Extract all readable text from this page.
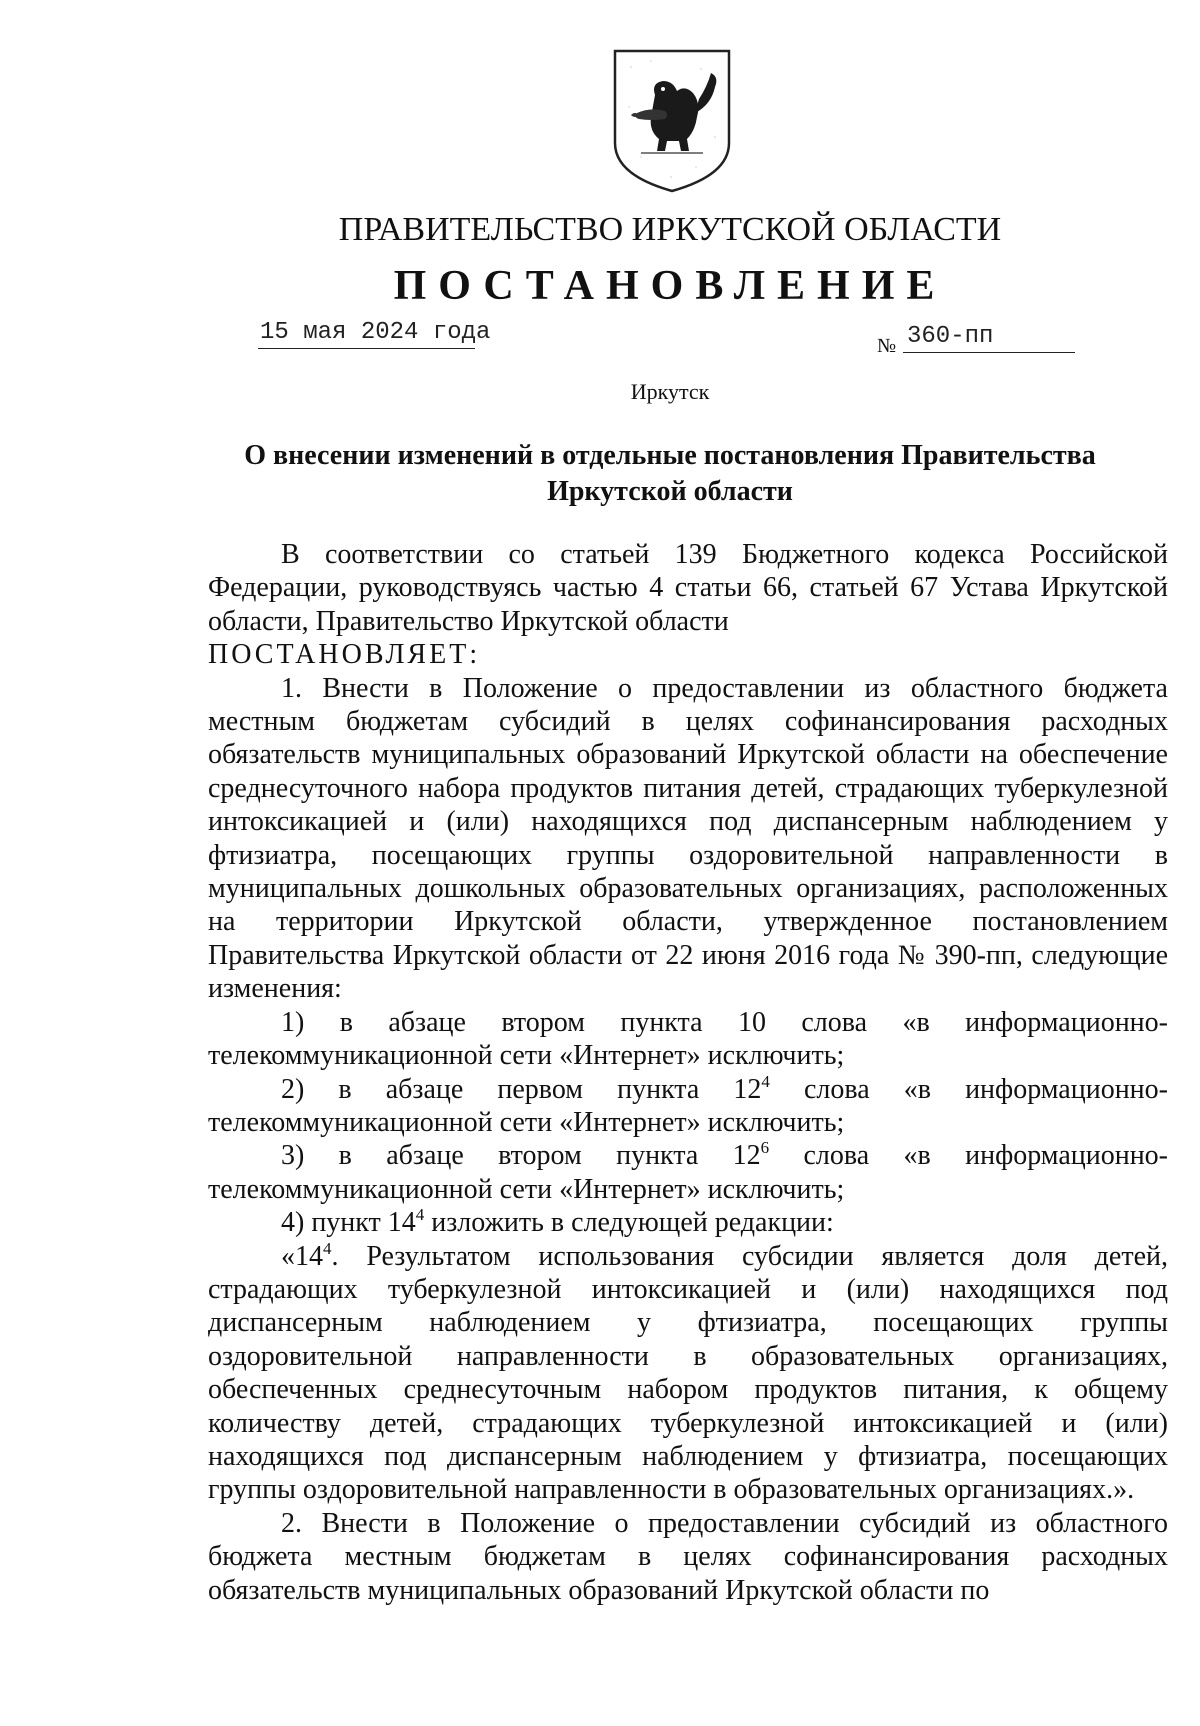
ПРАВИТЕЛЬСТВО ИРКУТСКОЙ ОБЛАСТИ
ПОСТАНОВЛЕНИЕ
15 мая 2024 года	№ 360-пп
Иркутск
О внесении изменений в отдельные постановления Правительства
Иркутской области

В соответствии со статьей 139 Бюджетного кодекса Российской Федерации, руководствуясь частью 4 статьи 66, статьей 67 Устава Иркутской области, Правительство Иркутской области

ПОСТАНОВЛЯЕТ:

1. Внести в Положение о предоставлении из областного бюджета местным бюджетам субсидий в целях софинансирования расходных обязательств муниципальных образований Иркутской области на обеспечение среднесуточного набора продуктов питания детей, страдающих туберкулезной интоксикацией и (или) находящихся под диспансерным наблюдением у фтизиатра, посещающих группы оздоровительной направленности в муниципальных дошкольных образовательных организациях, расположенных на территории Иркутской области, утвержденное постановлением Правительства Иркутской области от 22 июня 2016 года № 390-пп, следующие изменения:

1) в абзаце втором пункта 10 слова «в информационно-телекоммуникационной сети «Интернет» исключить;

2) в абзаце первом пункта $12^4$ слова «в информационно-телекоммуникационной сети «Интернет» исключить;

3) в абзаце втором пункта $12^6$ слова «в информационно-телекоммуникационной сети «Интернет» исключить;

4) пункт $14^4$ изложить в следующей редакции:

«$14^4$. Результатом использования субсидии является доля детей, страдающих туберкулезной интоксикацией и (или) находящихся под диспансерным наблюдением у фтизиатра, посещающих группы оздоровительной направленности в образовательных организациях, обеспеченных среднесуточным набором продуктов питания, к общему количеству детей, страдающих туберкулезной интоксикацией и (или) находящихся под диспансерным наблюдением у фтизиатра, посещающих группы оздоровительной направленности в образовательных организациях.».

2. Внести в Положение о предоставлении субсидий из областного бюджета местным бюджетам в целях софинансирования расходных обязательств муниципальных образований Иркутской области по
